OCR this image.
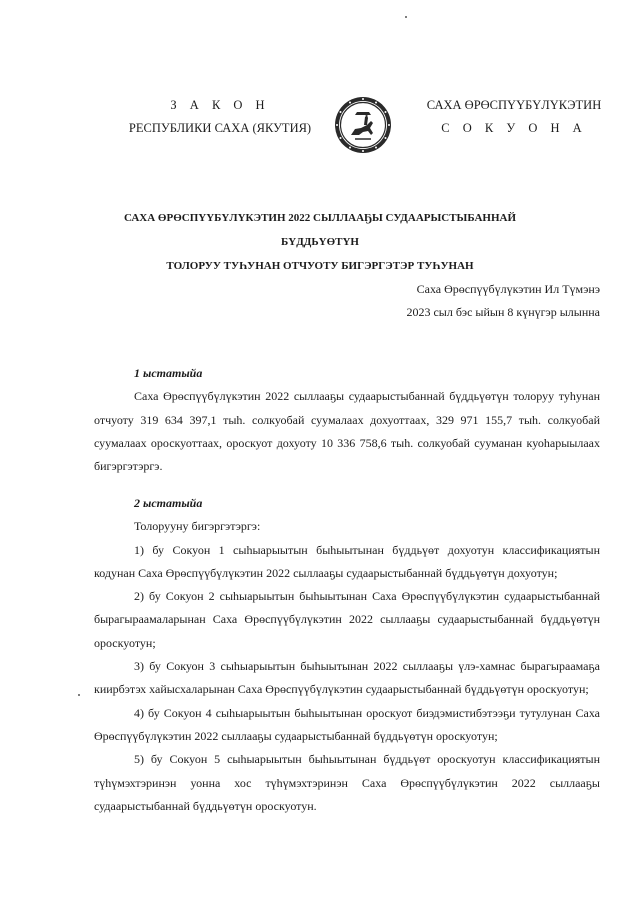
З А К О Н
РЕСПУБЛИКИ САХА (ЯКУТИЯ)
САХА ӨРӨСПҮҮБҮЛҮКЭТИН
С О К У О Н А
САХА ӨРӨСПҮҮБҮЛҮКЭТИН 2022 СЫЛЛААҔЫ СУДААРЫСТЫБАННАЙ БҮДДЬҮӨТҮН
ТОЛОРУУ ТУҺУНАН ОТЧУОТУ БИГЭРГЭТЭР ТУҺУНАН
Саха Өрөспүүбүлүкэтин Ил Түмэнэ
2023 сыл бэс ыйын 8 күнүгэр ылынна
1 ыстатыйа

Саха Өрөспүүбүлүкэтин 2022 сыллааҕы судаарыстыбаннай бүддьүөтүн толоруу туһунан отчуоту 319 634 397,1 тыһ. солкуобай суумалаах дохуоттаах, 329 971 155,7 тыһ. солкуобай суумалаах ороскуоттаах, ороскуот дохуоту 10 336 758,6 тыһ. солкуобай сууманан куоһарыылаах бигэргэтэргэ.

2 ыстатыйа

Толорууну бигэргэтэргэ:

1) бу Сокуон 1 сыһыарыытын быһыытынан бүддьүөт дохуотун классификациятын кодунан Саха Өрөспүүбүлүкэтин 2022 сыллааҕы судаарыстыбаннай бүддьүөтүн дохуотун;

2) бу Сокуон 2 сыһыарыытын быһыытынан Саха Өрөспүүбүлүкэтин судаарыстыбаннай бырагыраамаларынан Саха Өрөспүүбүлүкэтин 2022 сыллааҕы судаарыстыбаннай бүддьүөтүн ороскуотун;

3) бу Сокуон 3 сыһыарыытын быһыытынан 2022 сыллааҕы үлэ-хамнас бырагыраамаҕа киирбэтэх хайысхаларынан Саха Өрөспүүбүлүкэтин судаарыстыбаннай бүддьүөтүн ороскуотун;

4) бу Сокуон 4 сыһыарыытын быһыытынан ороскуот биэдэмистибэтээҕи тутулунан Саха Өрөспүүбүлүкэтин 2022 сыллааҕы судаарыстыбаннай бүддьүөтүн ороскуотун;

5) бу Сокуон 5 сыһыарыытын быһыытынан бүддьүөт ороскуотун классификациятын түһүмэхтэринэн уонна хос түһүмэхтэринэн Саха Өрөспүүбүлүкэтин 2022 сыллааҕы судаарыстыбаннай бүддьүөтүн ороскуотун.
